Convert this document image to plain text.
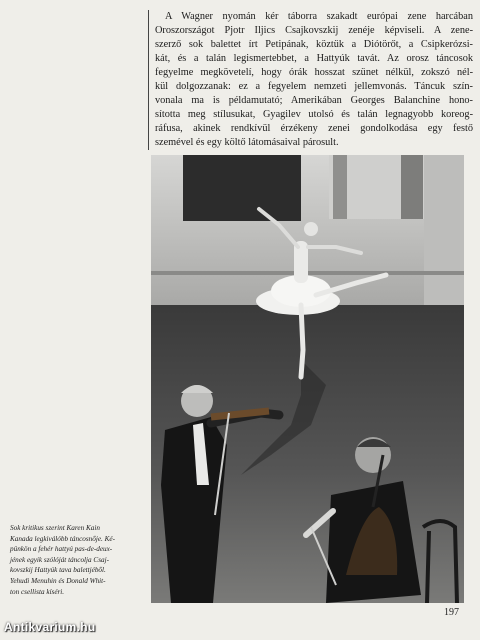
A Wagner nyomán kér táborra szakadt európai zene harcában
Oroszországot Pjotr Iljics Csajkovszkij zenéje képviseli. A zene-
szerző sok balettet írt Petipának, köztük a Diótörőt, a Csipkerózsi-
kát, és a talán legismertebbet, a Hattyúk tavát. Az orosz táncosok
fegyelme megkövetelí, hogy órák hosszat szünet nélkül, zokszó nél-
kül dolgozzanak: ez a fegyelem nemzeti jellemvonás. Táncuk szín-
vonala ma is példamutató; Amerikában Georges Balanchine hono-
sította meg stílusukat, Gyagilev utolsó és talán legnagyobb koreog-
ráfusa, akinek rendkívül érzékeny zenei gondolkodása egy festő
szemével és egy költő látomásaival párosult.
Sok kritikus szerint Karen Kain
Kanada legkiválóbb táncosnője. Ké-
pünkön a fehér hattyú pas-de-deux-
jének egyik szólóját táncolja Csaj-
kovszkij Hattyúk tava balettjéből.
Yehudi Menuhin és Donald Whit-
ton csellista kíséri.
197
Antikvarium.hu
